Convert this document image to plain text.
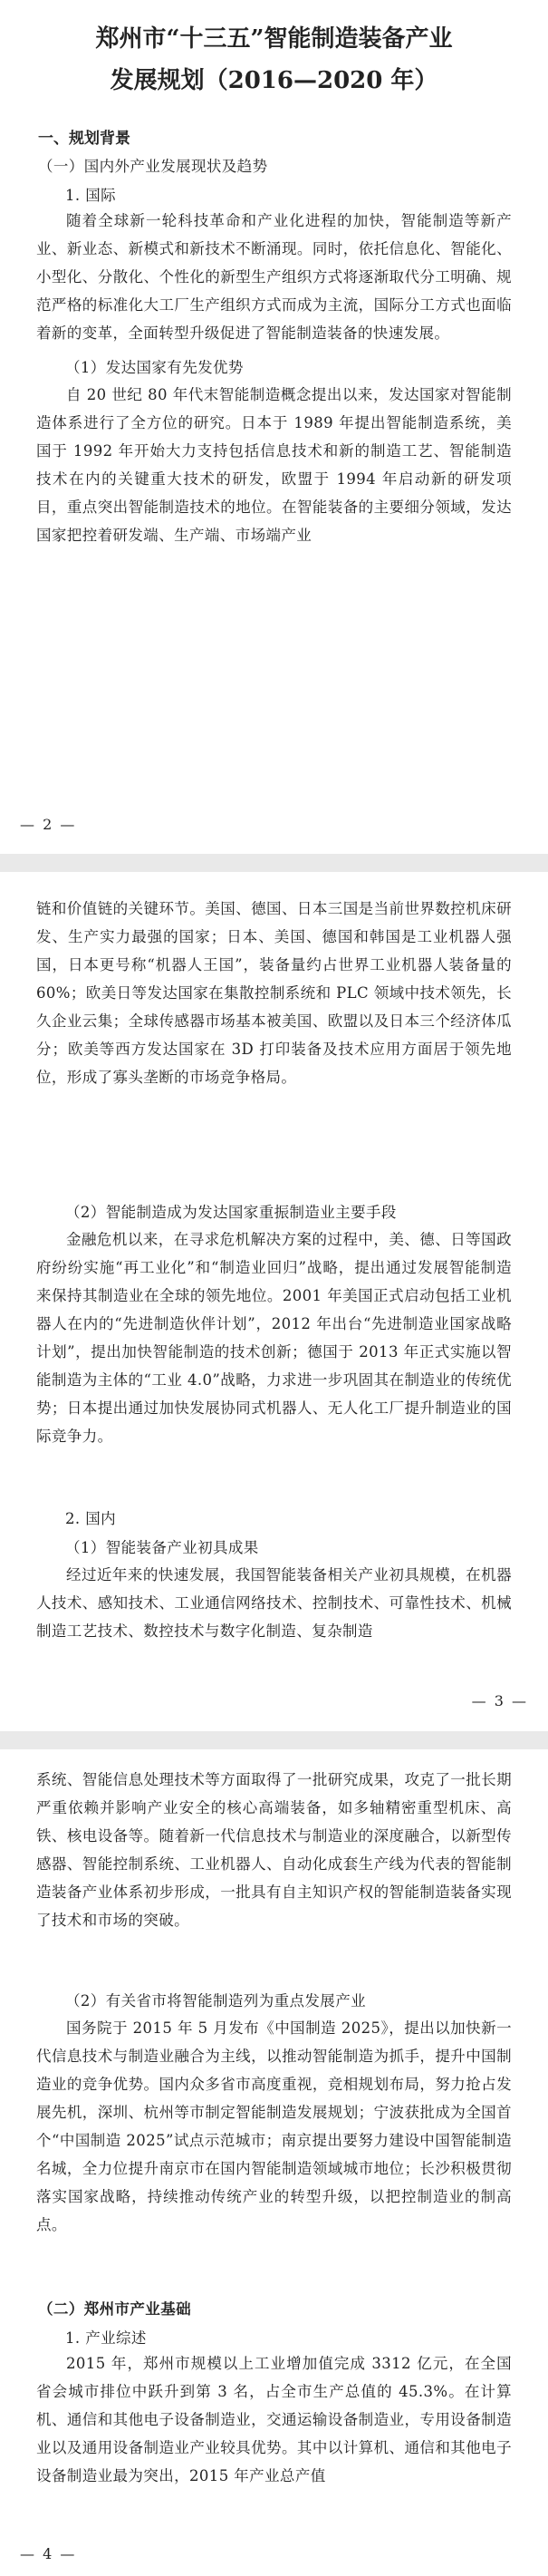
郑州市“十三五”智能制造装备产业

发展规划（2016—2020 年）

一、规划背景

（一）国内外产业发展现状及趋势

1. 国际

随着全球新一轮科技革命和产业化进程的加快，智能制造等新产业、新业态、新模式和新技术不断涌现。同时，依托信息化、智能化、小型化、分散化、个性化的新型生产组织方式将逐渐取代分工明确、规范严格的标准化大工厂生产组织方式而成为主流，国际分工方式也面临着新的变革，全面转型升级促进了智能制造装备的快速发展。

（1）发达国家有先发优势

自 20 世纪 80 年代末智能制造概念提出以来，发达国家对智能制造体系进行了全方位的研究。日本于 1989 年提出智能制造系统，美国于 1992 年开始大力支持包括信息技术和新的制造工艺、智能制造技术在内的关键重大技术的研发，欧盟于 1994 年启动新的研发项目，重点突出智能制造技术的地位。在智能装备的主要细分领域，发达国家把控着研发端、生产端、市场端产业

— 2 —

链和价值链的关键环节。美国、德国、日本三国是当前世界数控机床研发、生产实力最强的国家；日本、美国、德国和韩国是工业机器人强国，日本更号称“机器人王国”，装备量约占世界工业机器人装备量的 60%；欧美日等发达国家在集散控制系统和 PLC 领域中技术领先，长久企业云集；全球传感器市场基本被美国、欧盟以及日本三个经济体瓜分；欧美等西方发达国家在 3D 打印装备及技术应用方面居于领先地位，形成了寡头垄断的市场竞争格局。

（2）智能制造成为发达国家重振制造业主要手段

金融危机以来，在寻求危机解决方案的过程中，美、德、日等国政府纷纷实施“再工业化”和“制造业回归”战略，提出通过发展智能制造来保持其制造业在全球的领先地位。2001 年美国正式启动包括工业机器人在内的“先进制造伙伴计划”，2012 年出台“先进制造业国家战略计划”，提出加快智能制造的技术创新；德国于 2013 年正式实施以智能制造为主体的“工业 4.0”战略，力求进一步巩固其在制造业的传统优势；日本提出通过加快发展协同式机器人、无人化工厂提升制造业的国际竞争力。

2. 国内

（1）智能装备产业初具成果

经过近年来的快速发展，我国智能装备相关产业初具规模，在机器人技术、感知技术、工业通信网络技术、控制技术、可靠性技术、机械制造工艺技术、数控技术与数字化制造、复杂制造

— 3 —

系统、智能信息处理技术等方面取得了一批研究成果，攻克了一批长期严重依赖并影响产业安全的核心高端装备，如多轴精密重型机床、高铁、核电设备等。随着新一代信息技术与制造业的深度融合，以新型传感器、智能控制系统、工业机器人、自动化成套生产线为代表的智能制造装备产业体系初步形成，一批具有自主知识产权的智能制造装备实现了技术和市场的突破。

（2）有关省市将智能制造列为重点发展产业

国务院于 2015 年 5 月发布《中国制造 2025》，提出以加快新一代信息技术与制造业融合为主线，以推动智能制造为抓手，提升中国制造业的竞争优势。国内众多省市高度重视，竞相规划布局，努力抢占发展先机，深圳、杭州等市制定智能制造发展规划；宁波获批成为全国首个“中国制造 2025”试点示范城市；南京提出要努力建设中国智能制造名城，全力位提升南京市在国内智能制造领域城市地位；长沙积极贯彻落实国家战略，持续推动传统产业的转型升级，以把控制造业的制高点。

（二）郑州市产业基础

1. 产业综述

2015 年，郑州市规模以上工业增加值完成 3312 亿元，在全国省会城市排位中跃升到第 3 名，占全市生产总值的 45.3%。在计算机、通信和其他电子设备制造业，交通运输设备制造业，专用设备制造业以及通用设备制造业产业较具优势。其中以计算机、通信和其他电子设备制造业最为突出，2015 年产业总产值

— 4 —
